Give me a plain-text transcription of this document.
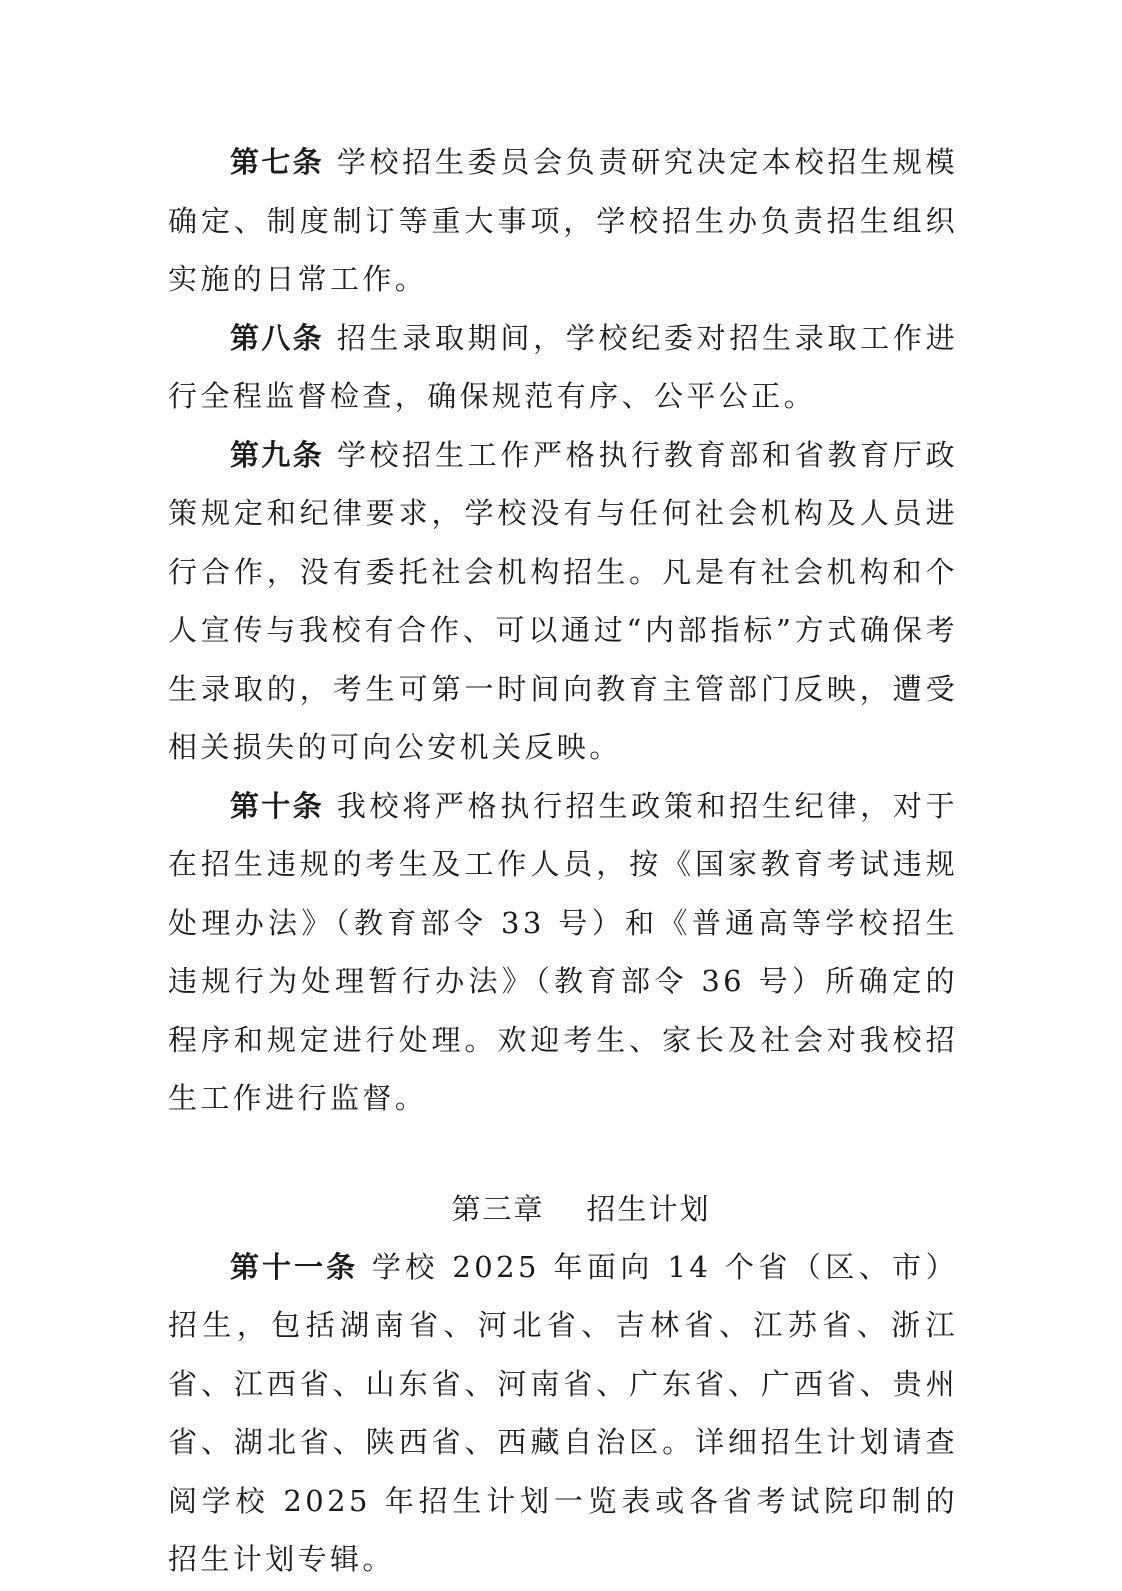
第七条 学校招生委员会负责研究决定本校招生规模确定、制度制订等重大事项，学校招生办负责招生组织实施的日常工作。

第八条 招生录取期间，学校纪委对招生录取工作进行全程监督检查，确保规范有序、公平公正。

第九条 学校招生工作严格执行教育部和省教育厅政策规定和纪律要求，学校没有与任何社会机构及人员进行合作，没有委托社会机构招生。凡是有社会机构和个人宣传与我校有合作、可以通过“内部指标”方式确保考生录取的，考生可第一时间向教育主管部门反映，遭受相关损失的可向公安机关反映。

第十条 我校将严格执行招生政策和招生纪律，对于在招生违规的考生及工作人员，按《国家教育考试违规处理办法》（教育部令 33 号）和《普通高等学校招生违规行为处理暂行办法》（教育部令 36 号）所确定的程序和规定进行处理。欢迎考生、家长及社会对我校招生工作进行监督。

第三章 招生计划

第十一条 学校 2025 年面向 14 个省（区、市）招生，包括湖南省、河北省、吉林省、江苏省、浙江省、江西省、山东省、河南省、广东省、广西省、贵州省、湖北省、陕西省、西藏自治区。详细招生计划请查阅学校 2025 年招生计划一览表或各省考试院印制的招生计划专辑。
